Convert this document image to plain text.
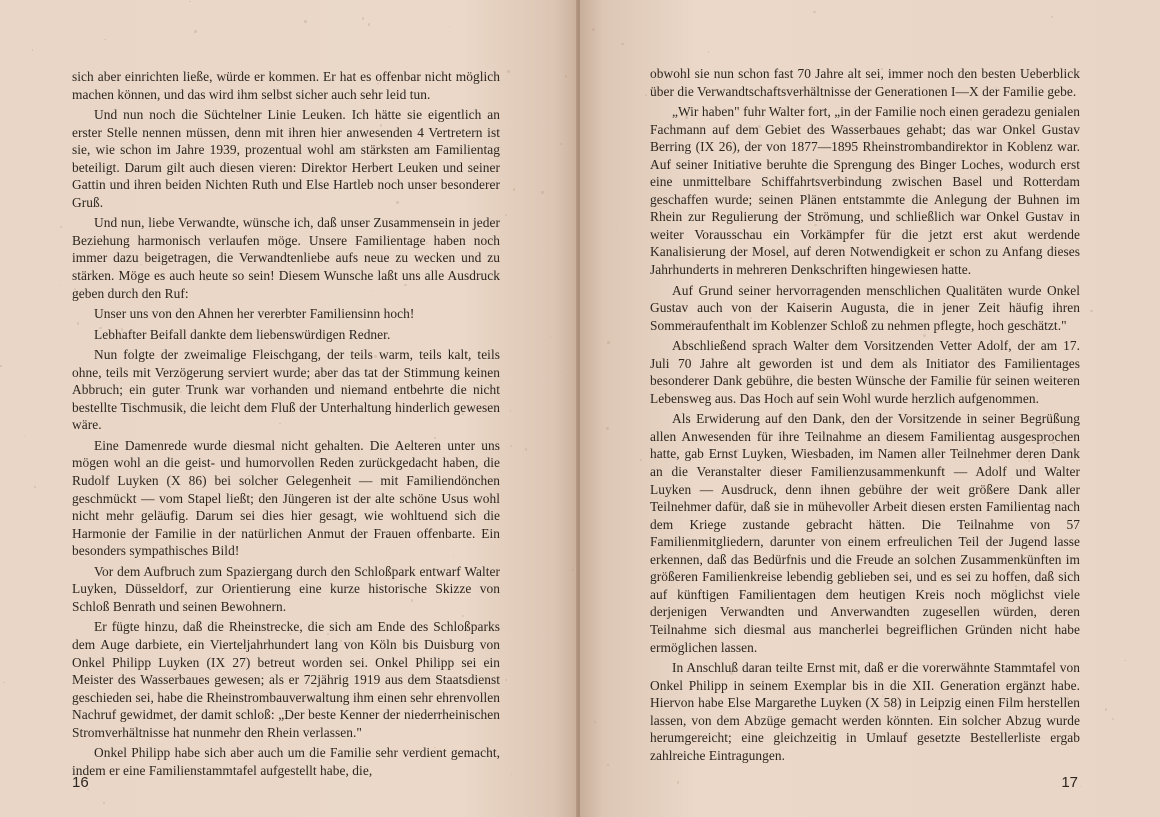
sich aber einrichten ließe, würde er kommen. Er hat es offenbar nicht möglich machen können, und das wird ihm selbst sicher auch sehr leid tun.

Und nun noch die Süchtelner Linie Leuken. Ich hätte sie eigentlich an erster Stelle nennen müssen, denn mit ihren hier anwesenden 4 Vertretern ist sie, wie schon im Jahre 1939, prozentual wohl am stärksten am Familientag beteiligt. Darum gilt auch diesen vieren: Direktor Herbert Leuken und seiner Gattin und ihren beiden Nichten Ruth und Else Hartleb noch unser besonderer Gruß.

Und nun, liebe Verwandte, wünsche ich, daß unser Zusammensein in jeder Beziehung harmonisch verlaufen möge. Unsere Familientage haben noch immer dazu beigetragen, die Verwandtenliebe aufs neue zu wecken und zu stärken. Möge es auch heute so sein! Diesem Wunsche laßt uns alle Ausdruck geben durch den Ruf:

Unser uns von den Ahnen her vererbter Familiensinn hoch!

Lebhafter Beifall dankte dem liebenswürdigen Redner.

Nun folgte der zweimalige Fleischgang, der teils warm, teils kalt, teils ohne, teils mit Verzögerung serviert wurde; aber das tat der Stimmung keinen Abbruch; ein guter Trunk war vorhanden und niemand entbehrte die nicht bestellte Tischmusik, die leicht dem Fluß der Unterhaltung hinderlich gewesen wäre.

Eine Damenrede wurde diesmal nicht gehalten. Die Aelteren unter uns mögen wohl an die geist- und humorvollen Reden zurückgedacht haben, die Rudolf Luyken (X 86) bei solcher Gelegenheit — mit Familiendönchen geschmückt — vom Stapel ließt; den Jüngeren ist der alte schöne Usus wohl nicht mehr geläufig. Darum sei dies hier gesagt, wie wohltuend sich die Harmonie der Familie in der natürlichen Anmut der Frauen offenbarte. Ein besonders sympathisches Bild!

Vor dem Aufbruch zum Spaziergang durch den Schloßpark entwarf Walter Luyken, Düsseldorf, zur Orientierung eine kurze historische Skizze von Schloß Benrath und seinen Bewohnern.

Er fügte hinzu, daß die Rheinstrecke, die sich am Ende des Schloßparks dem Auge darbiete, ein Vierteljahrhundert lang von Köln bis Duisburg von Onkel Philipp Luyken (IX 27) betreut worden sei. Onkel Philipp sei ein Meister des Wasserbaues gewesen; als er 72jährig 1919 aus dem Staatsdienst geschieden sei, habe die Rheinstrombauverwaltung ihm einen sehr ehrenvollen Nachruf gewidmet, der damit schloß: „Der beste Kenner der niederrheinischen Stromverhältnisse hat nunmehr den Rhein verlassen."

Onkel Philipp habe sich aber auch um die Familie sehr verdient gemacht, indem er eine Familienstammtafel aufgestellt habe, die,

16

obwohl sie nun schon fast 70 Jahre alt sei, immer noch den besten Ueberblick über die Verwandtschaftsverhältnisse der Generationen I—X der Familie gebe.

„Wir haben" fuhr Walter fort, „in der Familie noch einen geradezu genialen Fachmann auf dem Gebiet des Wasserbaues gehabt; das war Onkel Gustav Berring (IX 26), der von 1877—1895 Rheinstrombandirektor in Koblenz war. Auf seiner Initiative beruhte die Sprengung des Binger Loches, wodurch erst eine unmittelbare Schiffahrtsverbindung zwischen Basel und Rotterdam geschaffen wurde; seinen Plänen entstammte die Anlegung der Buhnen im Rhein zur Regulierung der Strömung, und schließlich war Onkel Gustav in weiter Vorausschau ein Vorkämpfer für die jetzt erst akut werdende Kanalisierung der Mosel, auf deren Notwendigkeit er schon zu Anfang dieses Jahrhunderts in mehreren Denkschriften hingewiesen hatte.

Auf Grund seiner hervorragenden menschlichen Qualitäten wurde Onkel Gustav auch von der Kaiserin Augusta, die in jener Zeit häufig ihren Sommeraufenthalt im Koblenzer Schloß zu nehmen pflegte, hoch geschätzt."

Abschließend sprach Walter dem Vorsitzenden Vetter Adolf, der am 17. Juli 70 Jahre alt geworden ist und dem als Initiator des Familientages besonderer Dank gebühre, die besten Wünsche der Familie für seinen weiteren Lebensweg aus. Das Hoch auf sein Wohl wurde herzlich aufgenommen.

Als Erwiderung auf den Dank, den der Vorsitzende in seiner Begrüßung allen Anwesenden für ihre Teilnahme an diesem Familientag ausgesprochen hatte, gab Ernst Luyken, Wiesbaden, im Namen aller Teilnehmer deren Dank an die Veranstalter dieser Familienzusammenkunft — Adolf und Walter Luyken — Ausdruck, denn ihnen gebühre der weit größere Dank aller Teilnehmer dafür, daß sie in mühevoller Arbeit diesen ersten Familientag nach dem Kriege zustande gebracht hätten. Die Teilnahme von 57 Familienmitgliedern, darunter von einem erfreulichen Teil der Jugend lasse erkennen, daß das Bedürfnis und die Freude an solchen Zusammenkünften im größeren Familienkreise lebendig geblieben sei, und es sei zu hoffen, daß sich auf künftigen Familientagen dem heutigen Kreis noch möglichst viele derjenigen Verwandten und Anverwandten zugesellen würden, deren Teilnahme sich diesmal aus mancherlei begreiflichen Gründen nicht habe ermöglichen lassen.

In Anschluß daran teilte Ernst mit, daß er die vorerwähnte Stammtafel von Onkel Philipp in seinem Exemplar bis in die XII. Generation ergänzt habe. Hiervon habe Else Margarethe Luyken (X 58) in Leipzig einen Film herstellen lassen, von dem Abzüge gemacht werden könnten. Ein solcher Abzug wurde herumgereicht; eine gleichzeitig in Umlauf gesetzte Bestellerliste ergab zahlreiche Eintragungen.

17
